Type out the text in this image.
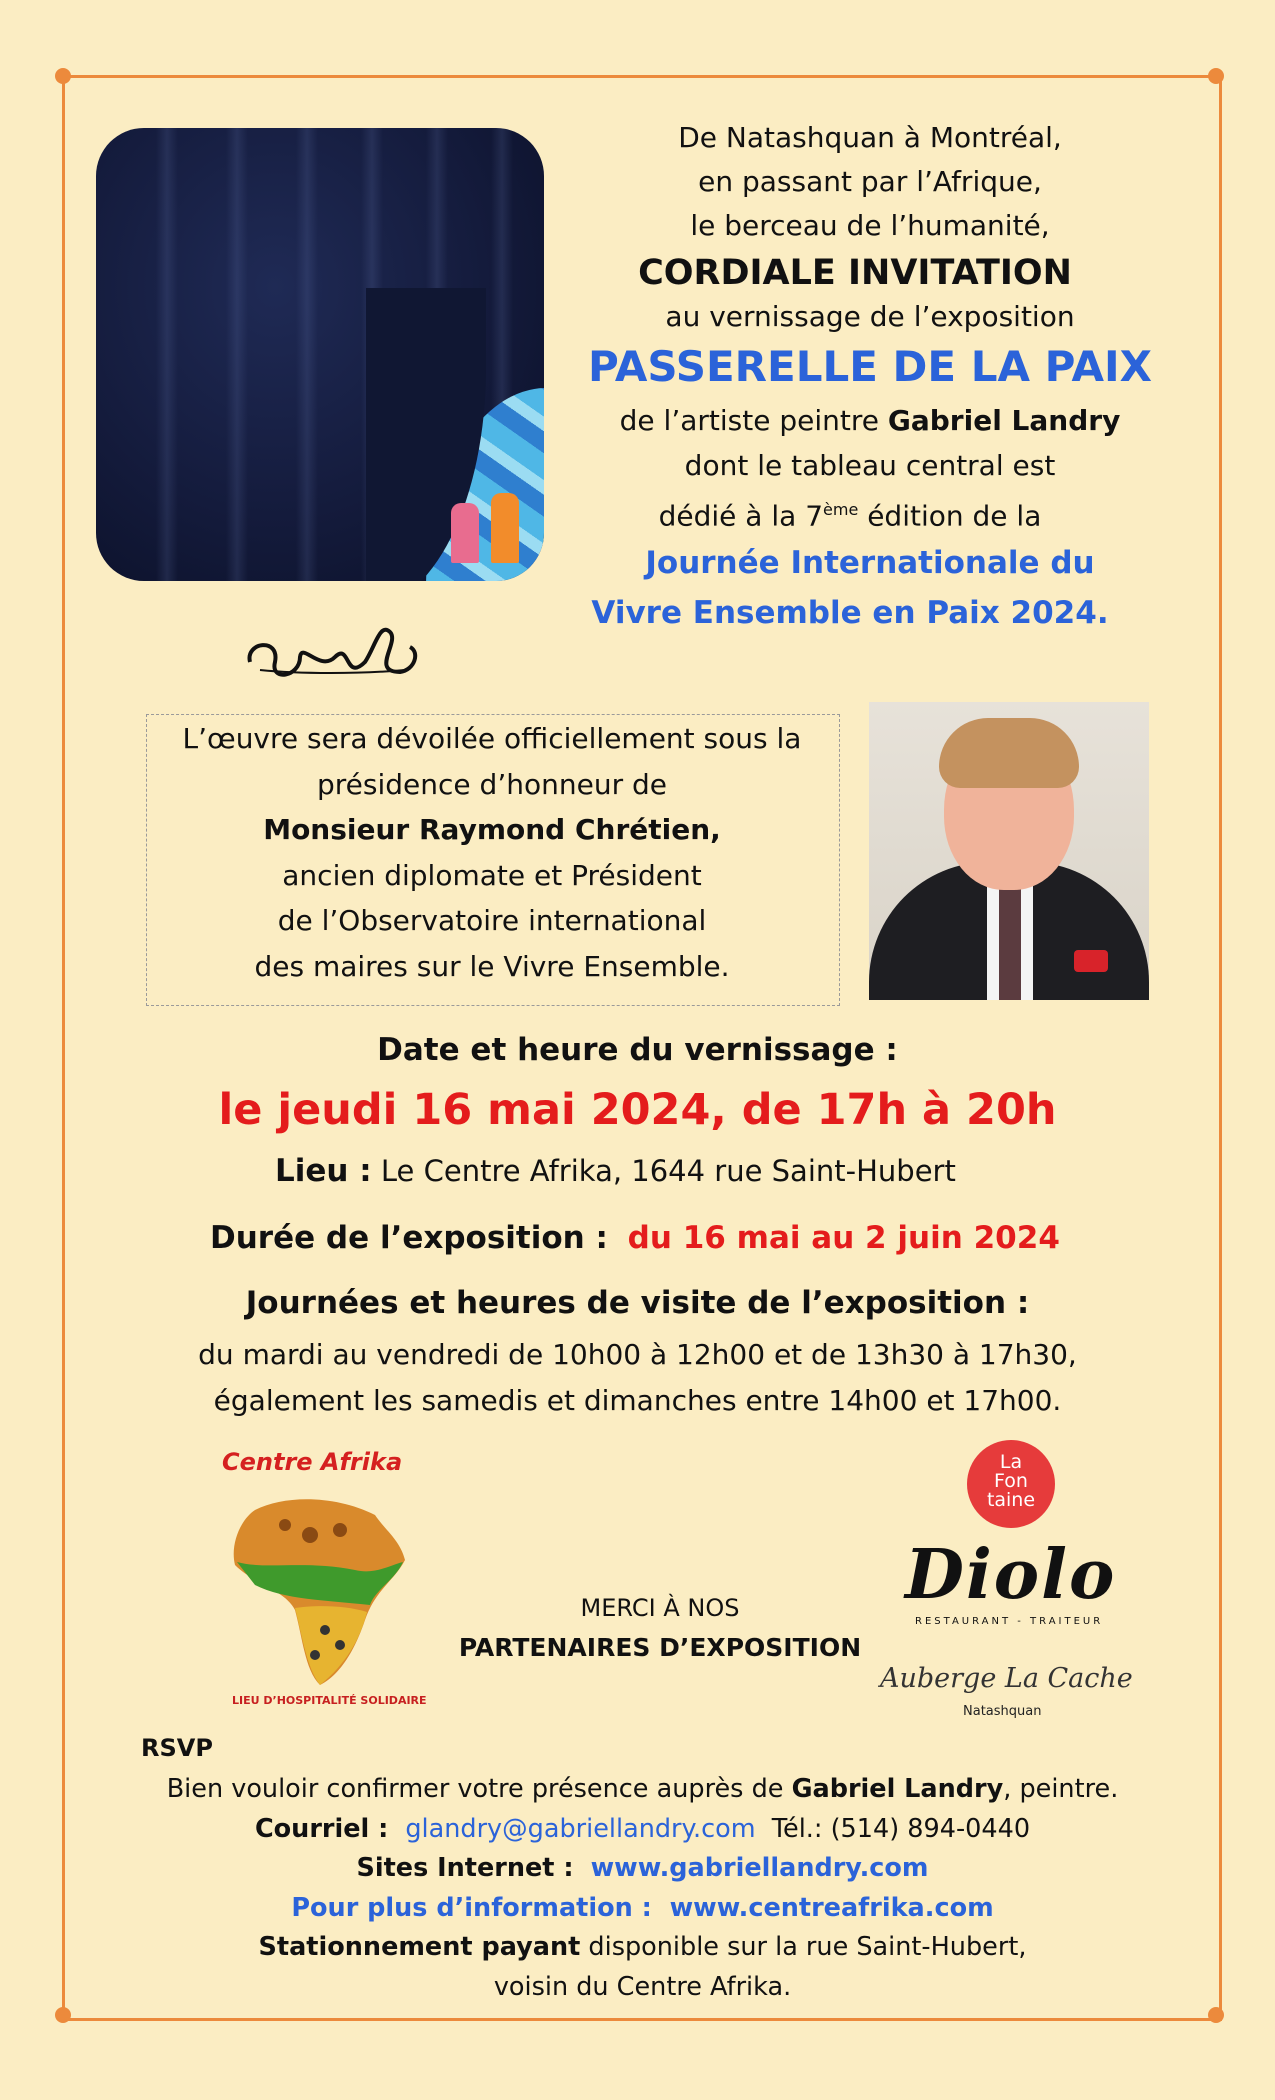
De Natashquan à Montréal,
en passant par l’Afrique,
le berceau de l’humanité,
CORDIALE INVITATION
au vernissage de l’exposition
PASSERELLE DE LA PAIX
de l’artiste peintre Gabriel Landry
dont le tableau central est
dédié à la 7ème édition de la
Journée Internationale du
Vivre Ensemble en Paix 2024.
L’œuvre sera dévoilée officiellement sous la
présidence d’honneur de
Monsieur Raymond Chrétien,
ancien diplomate et Président
de l’Observatoire international
des maires sur le Vivre Ensemble.
Date et heure du vernissage :
le jeudi 16 mai 2024, de 17h à 20h
Lieu : Le Centre Afrika, 1644 rue Saint-Hubert
Durée de l’exposition : du 16 mai au 2 juin 2024
Journées et heures de visite de l’exposition :
du mardi au vendredi de 10h00 à 12h00 et de 13h30 à 17h30,
également les samedis et dimanches entre 14h00 et 17h00.
Centre Afrika
LIEU D’HOSPITALITÉ SOLIDAIRE
MERCI À NOS
PARTENAIRES D’EXPOSITION
La
Fon
taine
Diolo
RESTAURANT - TRAITEUR
Auberge La Cache
Natashquan
RSVP
Bien vouloir confirmer votre présence auprès de Gabriel Landry, peintre.
Courriel :  glandry@gabriellandry.com Tél.: (514) 894-0440
Sites Internet :  www.gabriellandry.com
Pour plus d’information :  www.centreafrika.com
Stationnement payant disponible sur la rue Saint-Hubert,
voisin du Centre Afrika.
